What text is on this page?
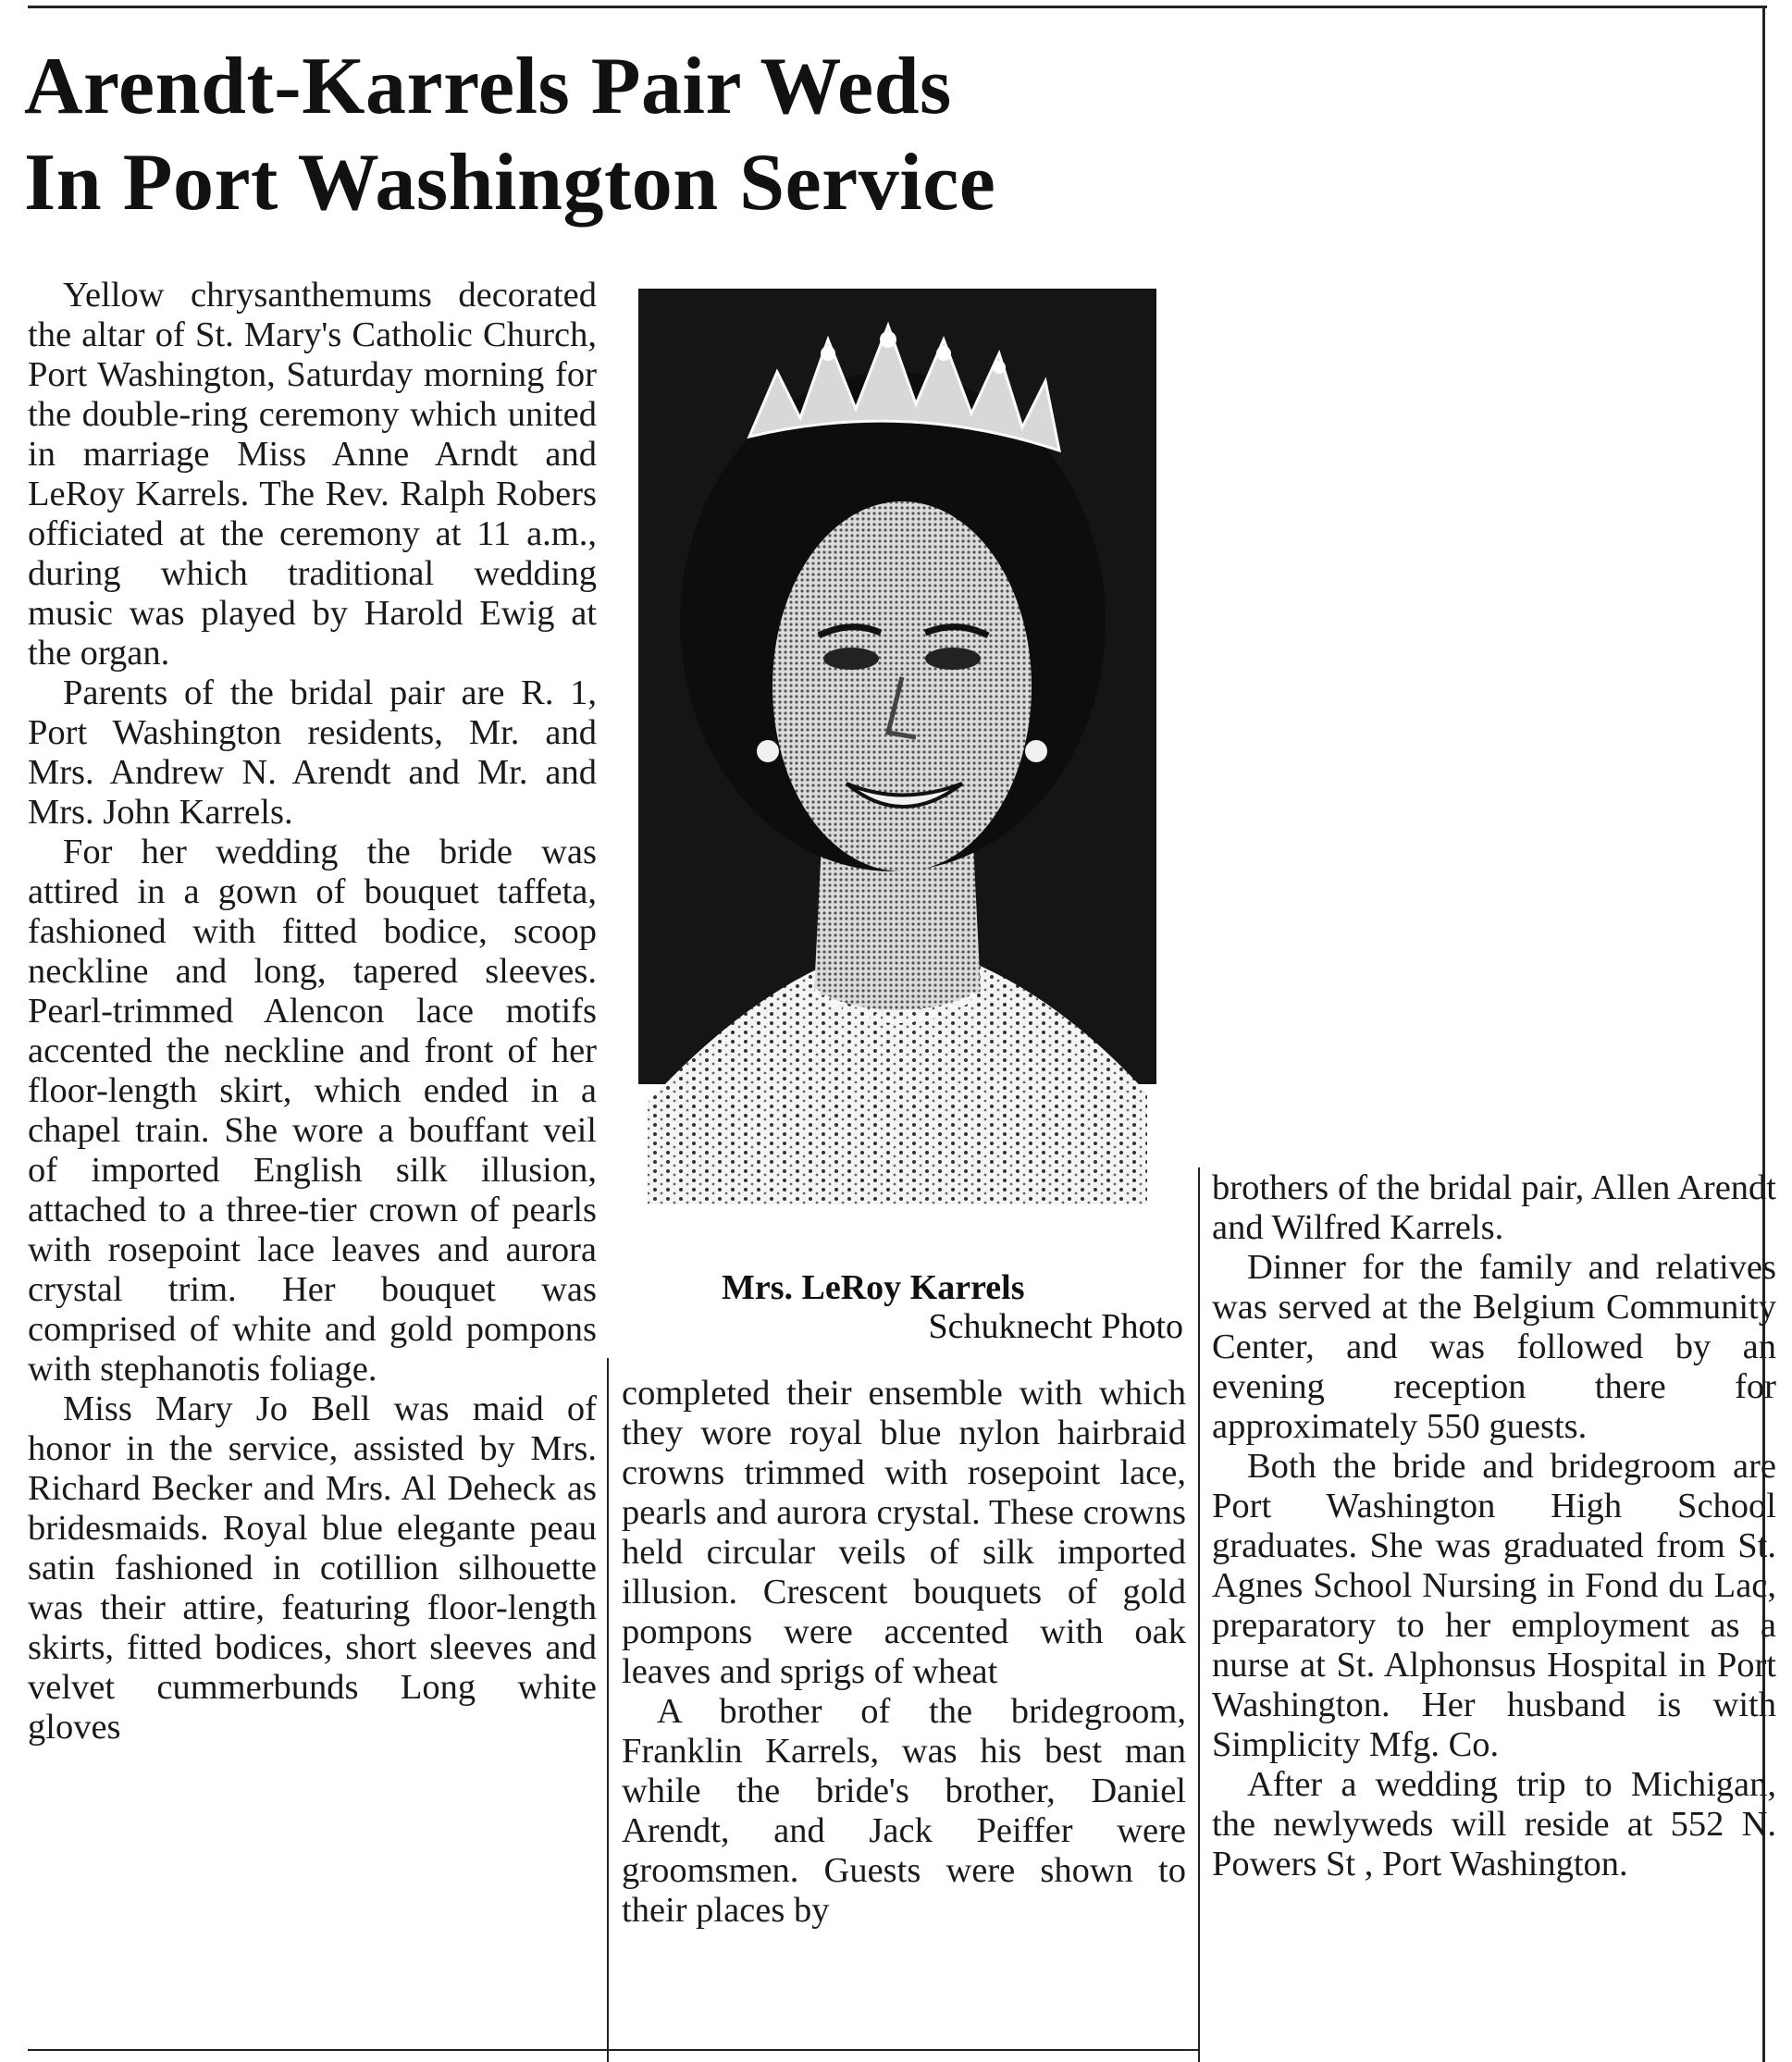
Arendt-Karrels Pair Weds
In Port Washington Service
Mrs. LeRoy Karrels
Schuknecht Photo

Yellow chrysanthemums decorated the altar of St. Mary's Catholic Church, Port Washington, Saturday morning for the double-ring ceremony which united in marriage Miss Anne Arndt and LeRoy Karrels. The Rev. Ralph Robers officiated at the ceremony at 11 a.m., during which traditional wedding music was played by Harold Ewig at the organ.

Parents of the bridal pair are R. 1, Port Washington residents, Mr. and Mrs. Andrew N. Arendt and Mr. and Mrs. John Karrels.

For her wedding the bride was attired in a gown of bouquet taffeta, fashioned with fitted bodice, scoop neckline and long, tapered sleeves. Pearl-trimmed Alencon lace motifs accented the neckline and front of her floor-length skirt, which ended in a chapel train. She wore a bouffant veil of imported English silk illusion, attached to a three-tier crown of pearls with rosepoint lace leaves and aurora crystal trim. Her bouquet was comprised of white and gold pompons with stephanotis foliage.

Miss Mary Jo Bell was maid of honor in the service, assisted by Mrs. Richard Becker and Mrs. Al Deheck as bridesmaids. Royal blue elegante peau satin fashioned in cotillion silhouette was their attire, featuring floor-length skirts, fitted bodices, short sleeves and velvet cummerbunds Long white gloves

completed their ensemble with which they wore royal blue nylon hairbraid crowns trimmed with rosepoint lace, pearls and aurora crystal. These crowns held circular veils of silk imported illusion. Crescent bouquets of gold pompons were accented with oak leaves and sprigs of wheat

A brother of the bridegroom, Franklin Karrels, was his best man while the bride's brother, Daniel Arendt, and Jack Peiffer were groomsmen. Guests were shown to their places by

brothers of the bridal pair, Allen Arendt and Wilfred Karrels.

Dinner for the family and relatives was served at the Belgium Community Center, and was followed by an evening reception there for approximately 550 guests.

Both the bride and bridegroom are Port Washington High School graduates. She was graduated from St. Agnes School Nursing in Fond du Lac, preparatory to her employment as a nurse at St. Alphonsus Hospital in Port Washington. Her husband is with Simplicity Mfg. Co.

After a wedding trip to Michigan, the newlyweds will reside at 552 N. Powers St , Port Washington.
